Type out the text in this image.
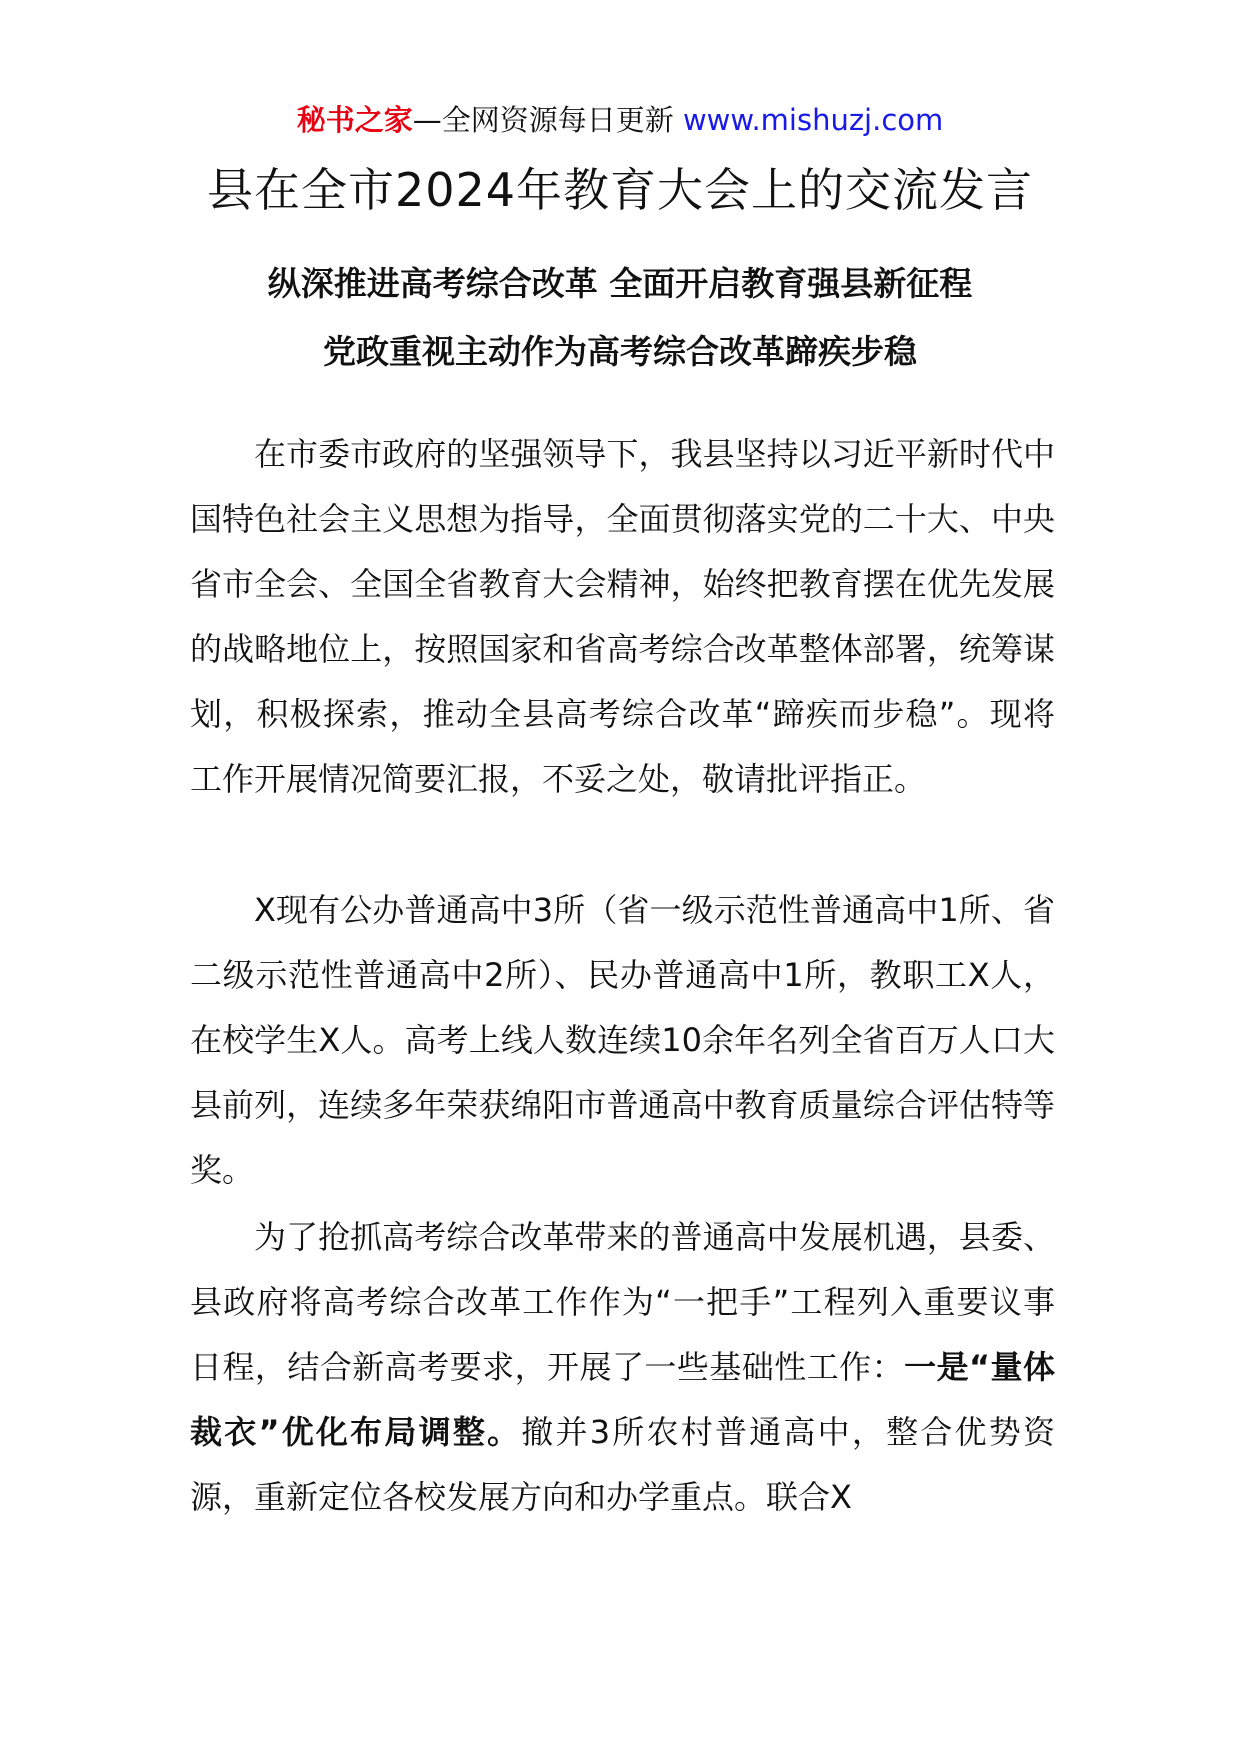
秘书之家—全网资源每日更新 www.mishuzj.com
县在全市2024年教育大会上的交流发言
纵深推进高考综合改革 全面开启教育强县新征程
党政重视主动作为高考综合改革蹄疾步稳

在市委市政府的坚强领导下，我县坚持以习近平新时代中国特色社会主义思想为指导，全面贯彻落实党的二十大、中央省市全会、全国全省教育大会精神，始终把教育摆在优先发展的战略地位上，按照国家和省高考综合改革整体部署，统筹谋划，积极探索，推动全县高考综合改革“蹄疾而步稳”。现将工作开展情况简要汇报，不妥之处，敬请批评指正。

X现有公办普通高中3所（省一级示范性普通高中1所、省二级示范性普通高中2所）、民办普通高中1所，教职工X人，在校学生X人。高考上线人数连续10余年名列全省百万人口大县前列，连续多年荣获绵阳市普通高中教育质量综合评估特等奖。

为了抢抓高考综合改革带来的普通高中发展机遇，县委、县政府将高考综合改革工作作为“一把手”工程列入重要议事日程，结合新高考要求，开展了一些基础性工作：一是“量体裁衣”优化布局调整。撤并3所农村普通高中，整合优势资源，重新定位各校发展方向和办学重点。联合X
